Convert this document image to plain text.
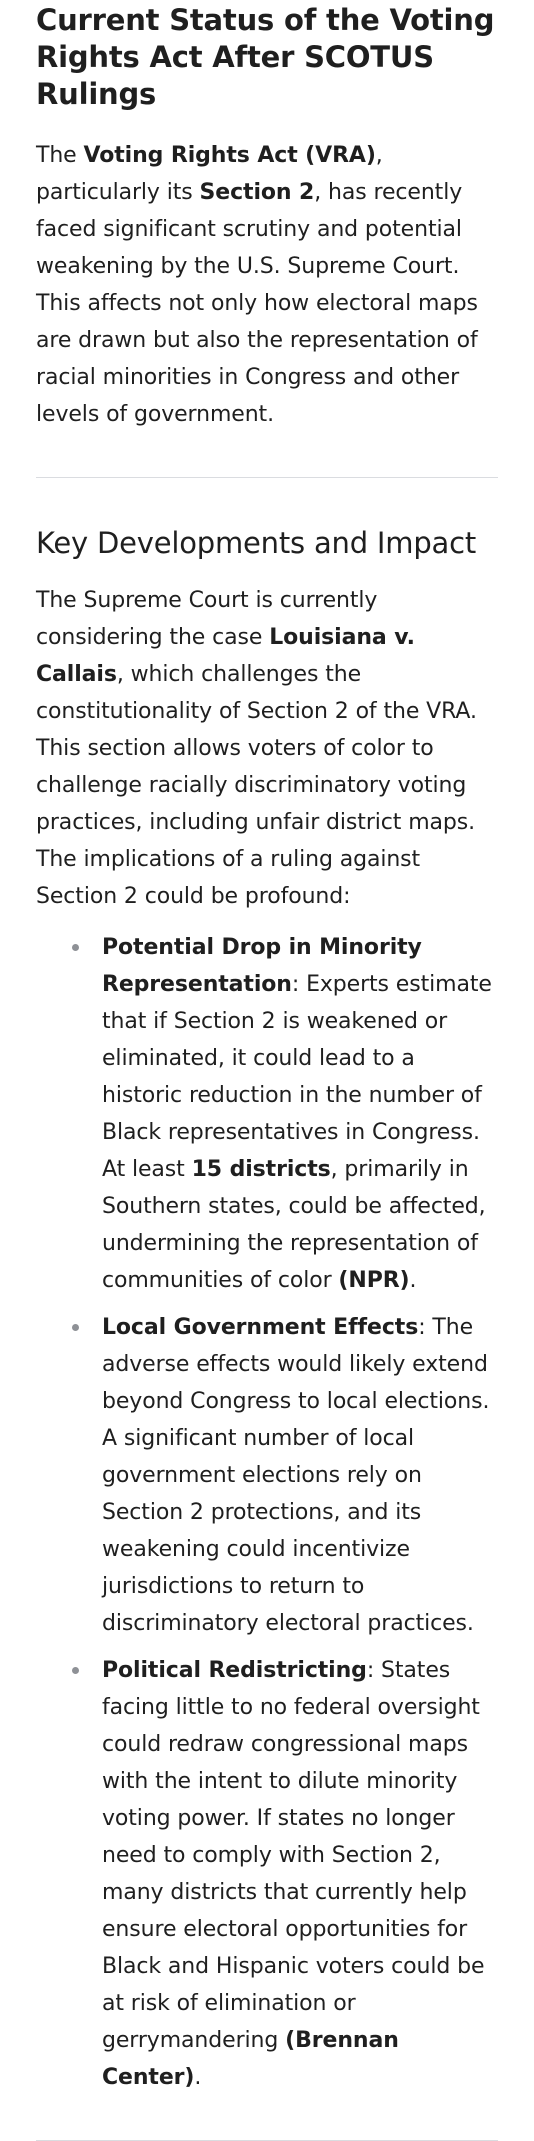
Current Status of the Voting Rights Act After SCOTUS Rulings

The Voting Rights Act (VRA), particularly its Section 2, has recently faced significant scrutiny and potential weakening by the U.S. Supreme Court. This affects not only how electoral maps are drawn but also the representation of racial minorities in Congress and other levels of government.

Key Developments and Impact

The Supreme Court is currently considering the case Louisiana v. Callais, which challenges the constitutionality of Section 2 of the VRA. This section allows voters of color to challenge racially discriminatory voting practices, including unfair district maps. The implications of a ruling against Section 2 could be profound:

Potential Drop in Minority Representation: Experts estimate that if Section 2 is weakened or eliminated, it could lead to a historic reduction in the number of Black representatives in Congress. At least 15 districts, primarily in Southern states, could be affected, undermining the representation of communities of color (NPR).
Local Government Effects: The adverse effects would likely extend beyond Congress to local elections. A significant number of local government elections rely on Section 2 protections, and its weakening could incentivize jurisdictions to return to discriminatory electoral practices.
Political Redistricting: States facing little to no federal oversight could redraw congressional maps with the intent to dilute minority voting power. If states no longer need to comply with Section 2, many districts that currently help ensure electoral opportunities for Black and Hispanic voters could be at risk of elimination or gerrymandering (Brennan Center).
